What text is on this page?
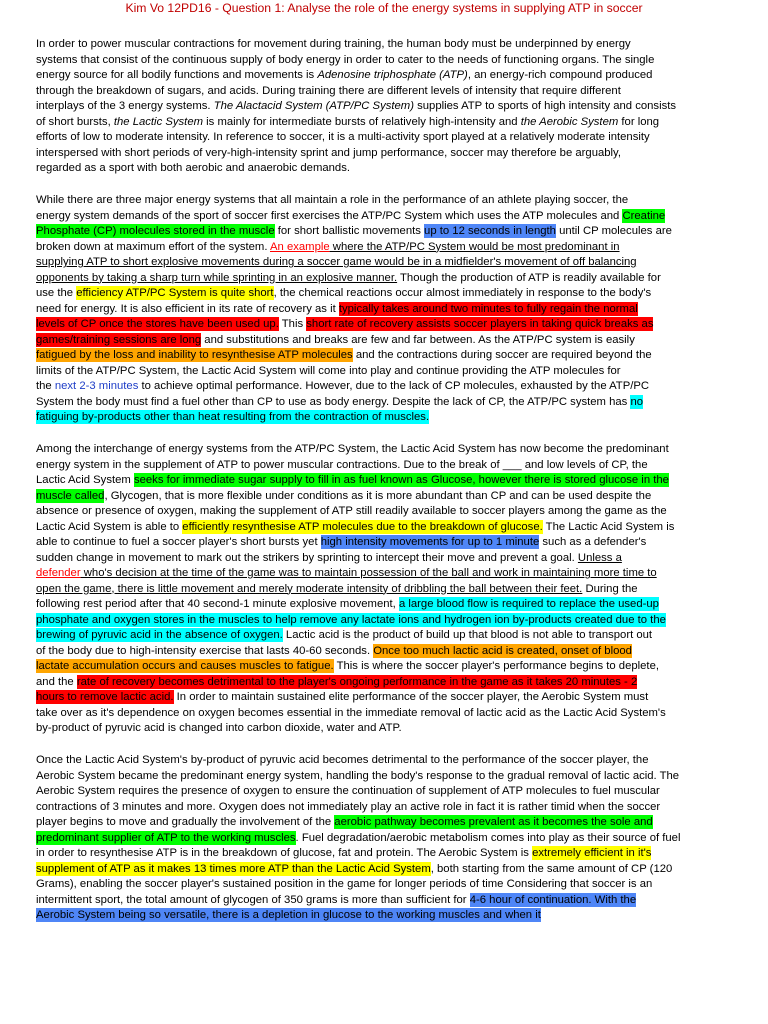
Kim Vo 12PD16 - Question 1: Analyse the role of the energy systems in supplying ATP in soccer
In order to power muscular contractions for movement during training, the human body must be underpinned by energy
systems that consist of the continuous supply of body energy in order to cater to the needs of functioning organs. The single
energy source for all bodily functions and movements is Adenosine triphosphate (ATP), an energy-rich compound produced
through the breakdown of sugars, and acids. During training there are different levels of intensity that require different
interplays of the 3 energy systems. The Alactacid System (ATP/PC System) supplies ATP to sports of high intensity and consists
of short bursts, the Lactic System is mainly for intermediate bursts of relatively high-intensity and the Aerobic System for long
efforts of low to moderate intensity. In reference to soccer, it is a multi-activity sport played at a relatively moderate intensity
interspersed with short periods of very-high-intensity sprint and jump performance, soccer may therefore be arguably,
regarded as a sport with both aerobic and anaerobic demands.
While there are three major energy systems that all maintain a role in the performance of an athlete playing soccer, the
energy system demands of the sport of soccer first exercises the ATP/PC System which uses the ATP molecules and Creatine
Phosphate (CP) molecules stored in the muscle for short ballistic movements up to 12 seconds in length until CP molecules are
broken down at maximum effort of the system. An example where the ATP/PC System would be most predominant in
supplying ATP to short explosive movements during a soccer game would be in a midfielder's movement of off balancing
opponents by taking a sharp turn while sprinting in an explosive manner. Though the production of ATP is readily available for
use the efficiency ATP/PC System is quite short, the chemical reactions occur almost immediately in response to the body's
need for energy. It is also efficient in its rate of recovery as it typically takes around two minutes to fully regain the normal
levels of CP once the stores have been used up. This short rate of recovery assists soccer players in taking quick breaks as
games/training sessions are long and substitutions and breaks are few and far between. As the ATP/PC system is easily
fatigued by the loss and inability to resynthesise ATP molecules and the contractions during soccer are required beyond the
limits of the ATP/PC System, the Lactic Acid System will come into play and continue providing the ATP molecules for
the next 2-3 minutes to achieve optimal performance. However, due to the lack of CP molecules, exhausted by the ATP/PC
System the body must find a fuel other than CP to use as body energy. Despite the lack of CP, the ATP/PC system has no
fatiguing by-products other than heat resulting from the contraction of muscles.
Among the interchange of energy systems from the ATP/PC System, the Lactic Acid System has now become the predominant
energy system in the supplement of ATP to power muscular contractions. Due to the break of ___ and low levels of CP, the
Lactic Acid System seeks for immediate sugar supply to fill in as fuel known as Glucose, however there is stored glucose in the
muscle called, Glycogen, that is more flexible under conditions as it is more abundant than CP and can be used despite the
absence or presence of oxygen, making the supplement of ATP still readily available to soccer players among the game as the
Lactic Acid System is able to efficiently resynthesise ATP molecules due to the breakdown of glucose. The Lactic Acid System is
able to continue to fuel a soccer player's short bursts yet high intensity movements for up to 1 minute such as a defender's
sudden change in movement to mark out the strikers by sprinting to intercept their move and prevent a goal. Unless a
defender who's decision at the time of the game was to maintain possession of the ball and work in maintaining more time to
open the game, there is little movement and merely moderate intensity of dribbling the ball between their feet. During the
following rest period after that 40 second-1 minute explosive movement, a large blood flow is required to replace the used-up
phosphate and oxygen stores in the muscles to help remove any lactate ions and hydrogen ion by-products created due to the
brewing of pyruvic acid in the absence of oxygen. Lactic acid is the product of build up that blood is not able to transport out
of the body due to high-intensity exercise that lasts 40-60 seconds. Once too much lactic acid is created, onset of blood
lactate accumulation occurs and causes muscles to fatigue. This is where the soccer player's performance begins to deplete,
and the rate of recovery becomes detrimental to the player's ongoing performance in the game as it takes 20 minutes - 2
hours to remove lactic acid. In order to maintain sustained elite performance of the soccer player, the Aerobic System must
take over as it's dependence on oxygen becomes essential in the immediate removal of lactic acid as the Lactic Acid System's
by-product of pyruvic acid is changed into carbon dioxide, water and ATP.
Once the Lactic Acid System's by-product of pyruvic acid becomes detrimental to the performance of the soccer player, the
Aerobic System became the predominant energy system, handling the body's response to the gradual removal of lactic acid. The
Aerobic System requires the presence of oxygen to ensure the continuation of supplement of ATP molecules to fuel muscular
contractions of 3 minutes and more. Oxygen does not immediately play an active role in fact it is rather timid when the soccer
player begins to move and gradually the involvement of the aerobic pathway becomes prevalent as it becomes the sole and
predominant supplier of ATP to the working muscles. Fuel degradation/aerobic metabolism comes into play as their source of fuel
in order to resynthesise ATP is in the breakdown of glucose, fat and protein. The Aerobic System is extremely efficient in it's
supplement of ATP as it makes 13 times more ATP than the Lactic Acid System, both starting from the same amount of CP (120
Grams), enabling the soccer player's sustained position in the game for longer periods of time Considering that soccer is an
intermittent sport, the total amount of glycogen of 350 grams is more than sufficient for 4-6 hour of continuation. With the
Aerobic System being so versatile, there is a depletion in glucose to the working muscles and when it
